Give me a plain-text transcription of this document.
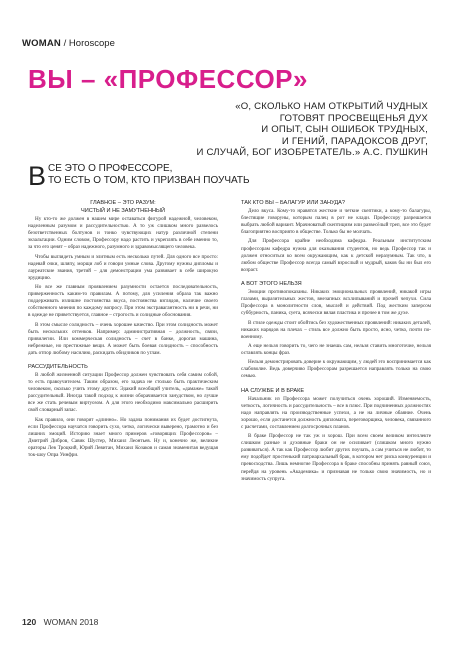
WOMAN / Horoscope
ВЫ – «ПРОФЕССОР»
«О, СКОЛЬКО НАМ ОТКРЫТИЙ ЧУДНЫХ
ГОТОВЯТ ПРОСВЕЩЕНЬЯ ДУХ
И ОПЫТ, СЫН ОШИБОК ТРУДНЫХ,
И ГЕНИЙ, ПАРАДОКСОВ ДРУГ,
И СЛУЧАЙ, БОГ ИЗОБРЕТАТЕЛЬ.» А.С. ПУШКИН
В СЕ ЭТО О ПРОФЕССОРЕ,
ТО ЕСТЬ О ТОМ, КТО ПРИЗВАН ПОУЧАТЬ
ГЛАВНОЕ – ЭТО РАЗУМ:
ЧИСТЫЙ И НЕ ЗАМУТНЕННЫЙ

Ну кто-то же должен в нашем мире оставаться фигурой надежной, человеком, наделенным разумом и рассудительностью. А то уж слишком много развелось безответственных болтунов и тонко чувствующих натур различной степени экзальтации. Одним словом, Профессору надо растить и укреплять в себе именно то, за что его ценят – образ надежного, разумного и здравомыслящего человека.

Чтобы выглядеть умным и элитным есть несколько путей. Для одного все просто: надевай очки, шляпу, морщи лоб и говори умные слова. Другому нужны дипломы и лауреатские звания, третий – для демонстрации ума развивает в себе широкую эрудицию.

Но все же главным проявлением разумности остается последовательность, приверженность каким-то правилам. А потому, для усиления образа так важно поддерживать излишне постоянства вкуса, постоянства взглядов, наличие своего собственного мнения по каждому вопросу. При этом экстравагантность ни в речи, ни в одежде не приветствуется, главное – строгость и солидные обоснования.

В этом смысле солидность – очень хорошее качество. При этом солидность может быть нескольких оттенков. Например: административная – должность, связи, привилегии. Или коммерческая солидность – счет в банке, дорогая машина, небрежные, но престижные вещи. А может быть боевая солидность – способность дать отпор любому насилию, раскидать обидчиков по углам.

РАССУДИТЕЛЬНОСТЬ

В любой жизненной ситуации Профессор должен чувствовать себя самим собой, то есть правоучителем. Таким образом, его задача не столько быть практическим человеком, сколько учить этому других. Эдакий всеобщий учитель, «дамаже» такой рассудительный. Иногда такой подход к жизни оборачивается занудством, но лучше все же стать речевым виртуозом. А для этого необходимо максимально расширить свой словарный запас.

Как правило, они говорят «длинно». Но задача понимания их будет достигнута, если Профессора научатся говорить сухо, четко, логически выверено, грамотно и без лишних эмоций. Историю знает много примеров «говорящих Профессоров» – Дмитрий Дибров, Савик Шустер, Михаил Леонтьев. Ну и, конечно же, великие ораторы Лев Троцкий, Юрий Левитан, Михаил Козаков и самая знаменитая ведущая ток-шоу Опра Уинфри.

ТАК КТО ВЫ – БАЛАГУР ИЛИ ЗАНУДА?

Дело вкуса. Кому-то нравятся жесткие и четкие скептики, а кому-то балагуры, блестящие говоруны, которым палец в рот не клади. Профессору разрешается выбрать любой вариант. Мрачноватый скептицизм или развесёлый треп, все это будет благоприятно восприято в обществе. Только бы не молчать.

Для Профессора крайне необходима кафедра. Реальным институтским профессорам кафедра нужна для оказывания студентов, но ведь Профессор так и должен относиться ко всем окружающим, как к детской неразумным. Так что, в любом обществе Профессор всегда самый взрослый и мудрый, каков бы ни был его возраст.

А ВОТ ЭТОГО НЕЛЬЗЯ

Эмоции противопоказаны. Никаких эмоциональных проявлений, никакой игры глазами, выразительных жестов, внезапных всхлипываний и прочей чепухи. Сила Профессора в монолитности слов, мыслей и действий. Под жестким заперсом суббурность, паника, суета, всячески вялая пластика и прочее в том же духе.

В стиле одежды стоит обойтись без художественных проявлений: никаких деталей, никаких нарядов на плечах – стиль все должно быть просто, ясно, четко, почти по-военному.

А еще нельзя говорить то, чего не знаешь сам, нельзя ставить многоточие, нельзя оставлять концы фраз.

Нельзя демонстрировать доверие к окружающим, у людей это воспринимается как слабоволие. Ведь доверчиво Профессорам разрешается направлять только на свою семью.

НА СЛУЖБЕ И В БРАКЕ

Начальник из Профессора может получиться очень хороший. Изменяемость, четкость, логичность и рассудительность – все в плюс. При подчиненных должностях надо направлять на производственные успехи, а не на личные обаяние. Очень хорошо, если достанется должность дипломата, переговорщика, человека, связанного с расчетами, составлением долгосрочных планов.

В браке Профессор не так уж и хорош. При всем своем великом интеллекте слишком разные и духовные браки он не осиливает (слишком много нужно развиваться). А так как Профессор любит других поучать, а сам учиться не любит, то ему подойдет простенький патриархальный брак, в котором нет риска конкуренции и превосходства. Лишь немногие Профессора в браке способны принять равный союз, перейдя на уровень «Академика» и признавая не только свою значимость, но и значимость супруга.

120 WOMAN 2018
